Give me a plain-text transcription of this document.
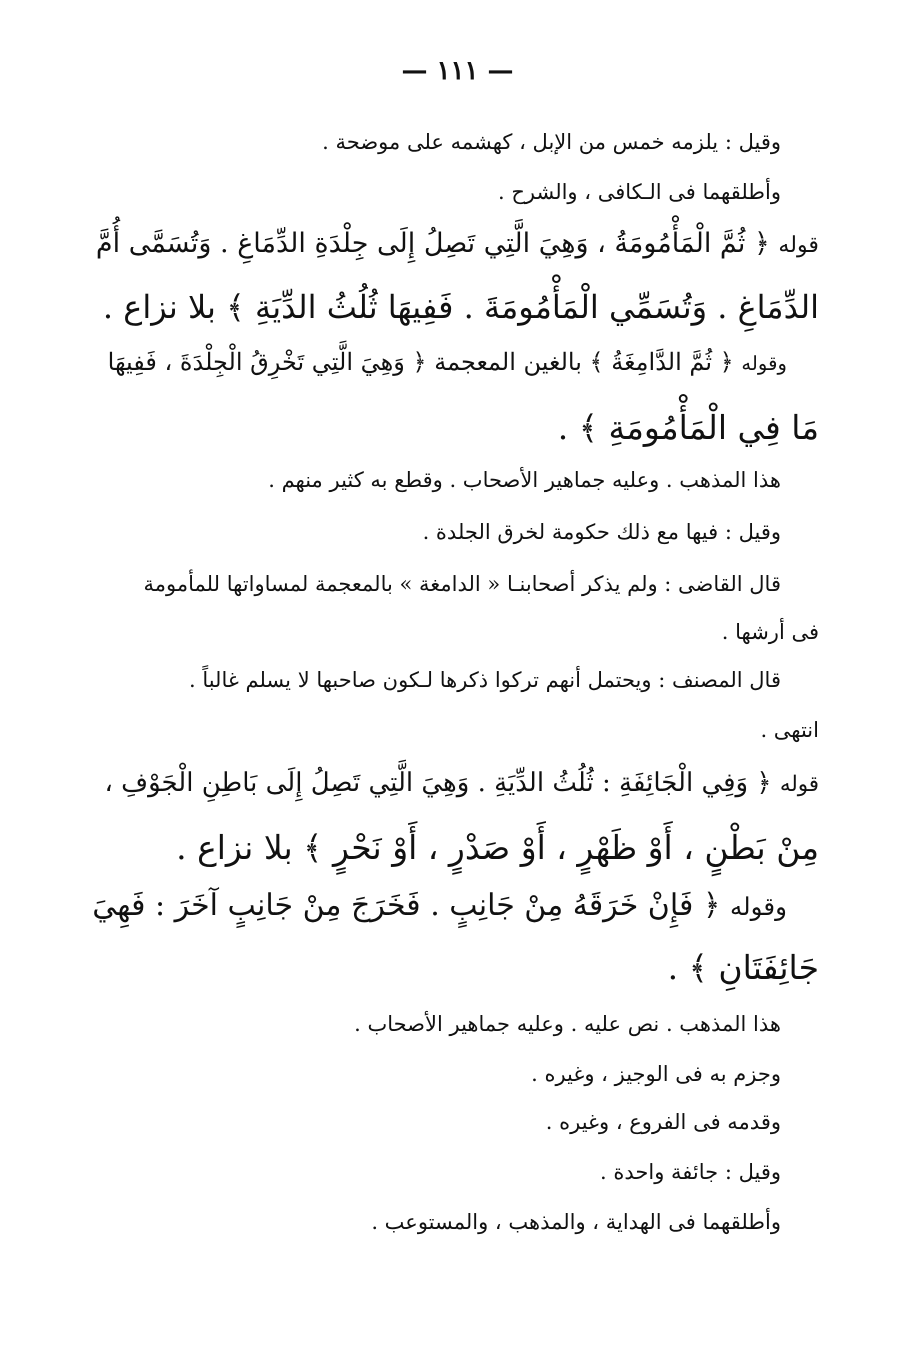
— ١١١ —
وقيل : يلزمه خمس من الإبل ، كهشمه على موضحة .
وأطلقهما فى الـكافى ، والشرح .
قوله ﴿ ثُمَّ الْمَأْمُومَةُ ، وَهِيَ الَّتِي تَصِلُ إِلَى جِلْدَةِ الدِّمَاغِ . وَتُسَمَّى أُمَّ
الدِّمَاغِ . وَتُسَمِّي الْمَأْمُومَةَ . فَفِيهَا ثُلُثُ الدِّيَةِ ﴾ بلا نزاع .
وقوله ﴿ ثُمَّ الدَّامِغَةُ ﴾ بالغين المعجمة ﴿ وَهِيَ الَّتِي تَخْرِقُ الْجِلْدَةَ ، فَفِيهَا
مَا فِي الْمَأْمُومَةِ ﴾ .
هذا المذهب . وعليه جماهير الأصحاب . وقطع به كثير منهم .
وقيل : فيها مع ذلك حكومة لخرق الجلدة .
قال القاضى : ولم يذكر أصحابنـا « الدامغة » بالمعجمة لمساواتها للمأمومة
فى أرشها .
قال المصنف : ويحتمل أنهم تركوا ذكرها لـكون صاحبها لا يسلم غالباً .
انتهى .
قوله ﴿ وَفِي الْجَائِفَةِ : ثُلُثُ الدِّيَةِ . وَهِيَ الَّتِي تَصِلُ إِلَى بَاطِنِ الْجَوْفِ ،
مِنْ بَطْنٍ ، أَوْ ظَهْرٍ ، أَوْ صَدْرٍ ، أَوْ نَحْرٍ ﴾ بلا نزاع .
وقوله ﴿ فَإِنْ خَرَقَهُ مِنْ جَانِبٍ . فَخَرَجَ مِنْ جَانِبٍ آخَرَ : فَهِيَ
جَائِفَتَانِ ﴾ .
هذا المذهب . نص عليه . وعليه جماهير الأصحاب .
وجزم به فى الوجيز ، وغيره .
وقدمه فى الفروع ، وغيره .
وقيل : جائفة واحدة .
وأطلقهما فى الهداية ، والمذهب ، والمستوعب .
